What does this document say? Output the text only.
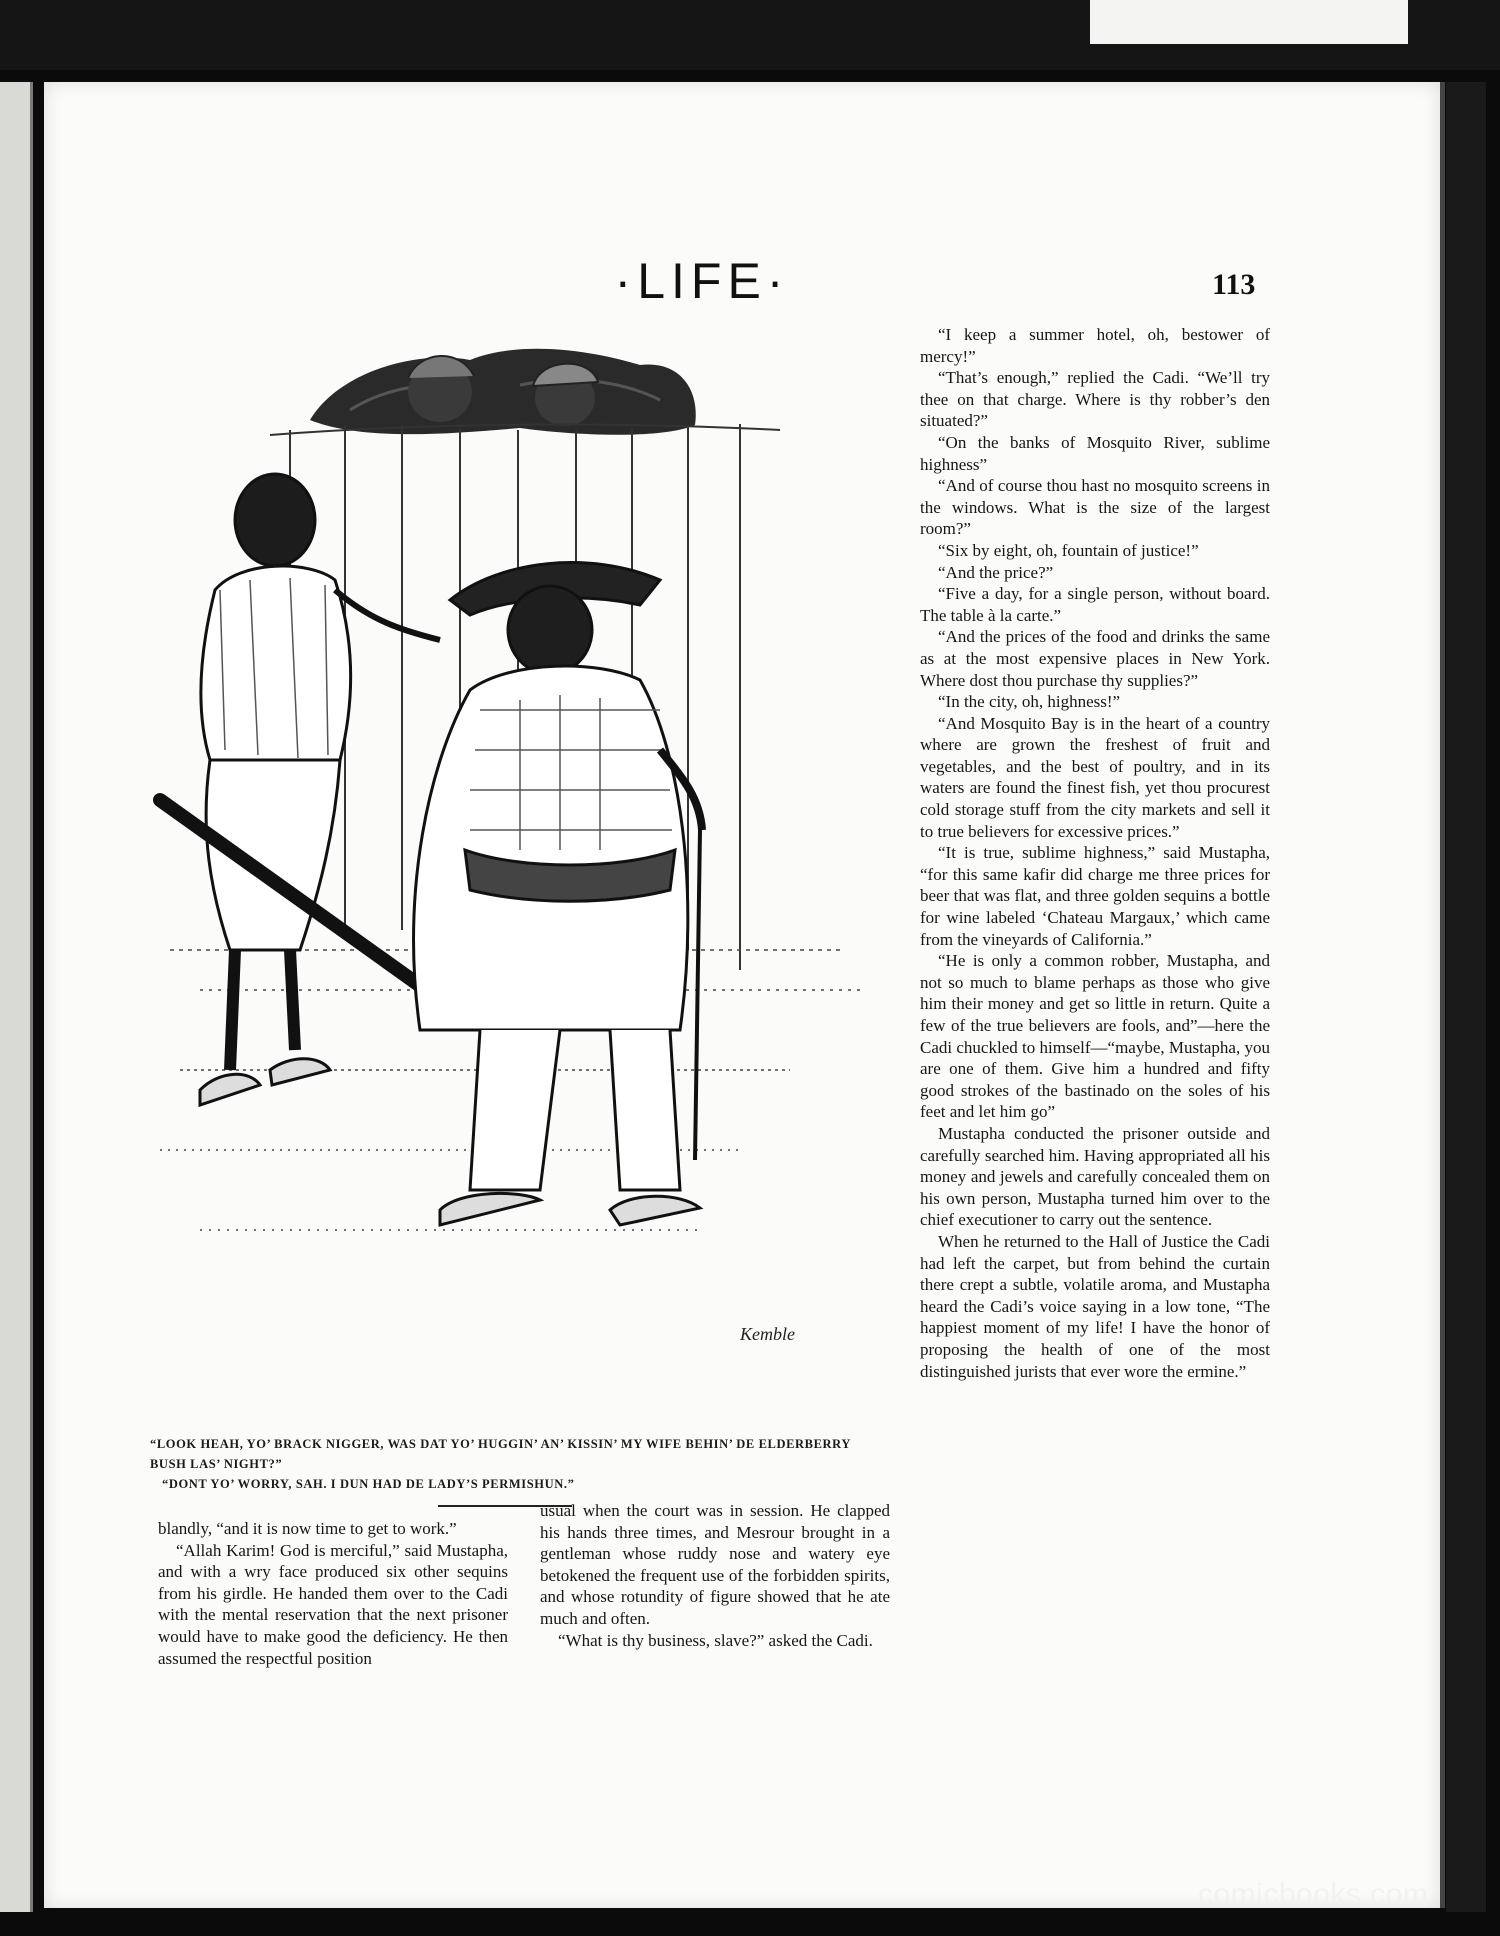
·LIFE·	113
Kemble

“LOOK HEAH, YO’ BRACK NIGGER, WAS DAT YO’ HUGGIN’ AN’ KISSIN’ MY WIFE BEHIN’ DE ELDERBERRY BUSH LAS’ NIGHT?”

“DONT YO’ WORRY, SAH. I DUN HAD DE LADY’S PERMISHUN.”

blandly, “and it is now time to get to work.”

“Allah Karim! God is merciful,” said Mustapha, and with a wry face produced six other sequins from his girdle. He handed them over to the Cadi with the mental reservation that the next prisoner would have to make good the deficiency. He then assumed the respectful position

usual when the court was in session. He clapped his hands three times, and Mesrour brought in a gentleman whose ruddy nose and watery eye betokened the frequent use of the forbidden spirits, and whose rotundity of figure showed that he ate much and often.

“What is thy business, slave?” asked the Cadi.

“I keep a summer hotel, oh, bestower of mercy!”

“That’s enough,” replied the Cadi. “We’ll try thee on that charge. Where is thy robber’s den situated?”

“On the banks of Mosquito River, sublime highness”

“And of course thou hast no mosquito screens in the windows. What is the size of the largest room?”

“Six by eight, oh, fountain of justice!”

“And the price?”

“Five a day, for a single person, without board. The table à la carte.”

“And the prices of the food and drinks the same as at the most expensive places in New York. Where dost thou purchase thy supplies?”

“In the city, oh, highness!”

“And Mosquito Bay is in the heart of a country where are grown the freshest of fruit and vegetables, and the best of poultry, and in its waters are found the finest fish, yet thou procurest cold storage stuff from the city markets and sell it to true believers for excessive prices.”

“It is true, sublime highness,” said Mustapha, “for this same kafir did charge me three prices for beer that was flat, and three golden sequins a bottle for wine labeled ‘Chateau Margaux,’ which came from the vineyards of California.”

“He is only a common robber, Mustapha, and not so much to blame perhaps as those who give him their money and get so little in return. Quite a few of the true believers are fools, and”—here the Cadi chuckled to himself—“maybe, Mustapha, you are one of them. Give him a hundred and fifty good strokes of the bastinado on the soles of his feet and let him go”

Mustapha conducted the prisoner outside and carefully searched him. Having appropriated all his money and jewels and carefully concealed them on his own person, Mustapha turned him over to the chief executioner to carry out the sentence.

When he returned to the Hall of Justice the Cadi had left the carpet, but from behind the curtain there crept a subtle, volatile aroma, and Mustapha heard the Cadi’s voice saying in a low tone, “The happiest moment of my life! I have the honor of proposing the health of one of the most distinguished jurists that ever wore the ermine.”

comicbooks.com
